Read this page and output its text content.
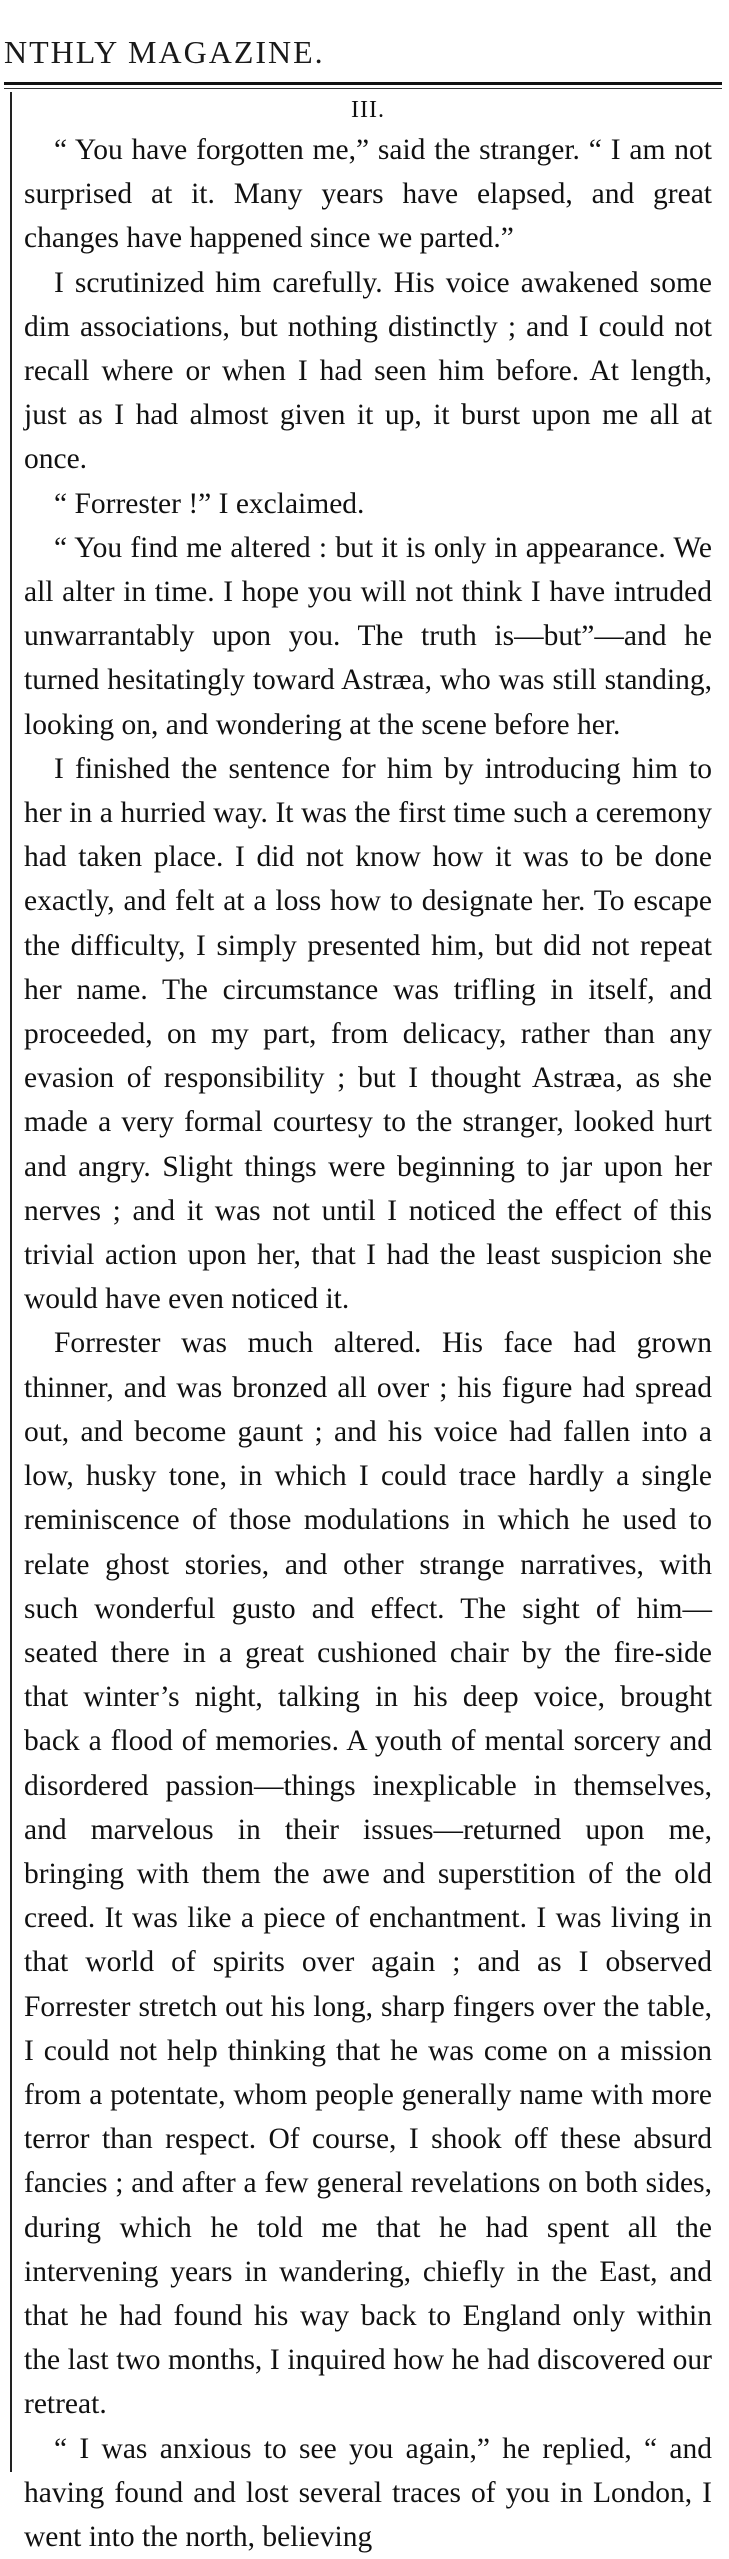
NTHLY MAGAZINE.

III.

“ You have forgotten me,” said the stranger. “ I am not surprised at it. Many years have elapsed, and great changes have happened since we parted.”

I scrutinized him carefully. His voice awakened some dim associations, but nothing distinctly ; and I could not recall where or when I had seen him before. At length, just as I had almost given it up, it burst upon me all at once.

“ Forrester !” I exclaimed.

“ You find me altered : but it is only in appearance. We all alter in time. I hope you will not think I have intruded unwarrantably upon you. The truth is—but”—and he turned hesitatingly toward Astræa, who was still standing, looking on, and wondering at the scene before her.

I finished the sentence for him by introducing him to her in a hurried way. It was the first time such a ceremony had taken place. I did not know how it was to be done exactly, and felt at a loss how to designate her. To escape the difficulty, I simply presented him, but did not repeat her name. The circumstance was trifling in itself, and proceeded, on my part, from delicacy, rather than any evasion of responsibility ; but I thought Astræa, as she made a very formal courtesy to the stranger, looked hurt and angry. Slight things were beginning to jar upon her nerves ; and it was not until I noticed the effect of this trivial action upon her, that I had the least suspicion she would have even noticed it.

Forrester was much altered. His face had grown thinner, and was bronzed all over ; his figure had spread out, and become gaunt ; and his voice had fallen into a low, husky tone, in which I could trace hardly a single reminiscence of those modulations in which he used to relate ghost stories, and other strange narratives, with such wonderful gusto and effect. The sight of him—seated there in a great cushioned chair by the fire-side that winter’s night, talking in his deep voice, brought back a flood of memories. A youth of mental sorcery and disordered passion—things inexplicable in themselves, and marvelous in their issues—returned upon me, bringing with them the awe and superstition of the old creed. It was like a piece of enchantment. I was living in that world of spirits over again ; and as I observed Forrester stretch out his long, sharp fingers over the table, I could not help thinking that he was come on a mission from a potentate, whom people generally name with more terror than respect. Of course, I shook off these absurd fancies ; and after a few general revelations on both sides, during which he told me that he had spent all the intervening years in wandering, chiefly in the East, and that he had found his way back to England only within the last two months, I inquired how he had discovered our retreat.

“ I was anxious to see you again,” he replied, “ and having found and lost several traces of you in London, I went into the north, believing
